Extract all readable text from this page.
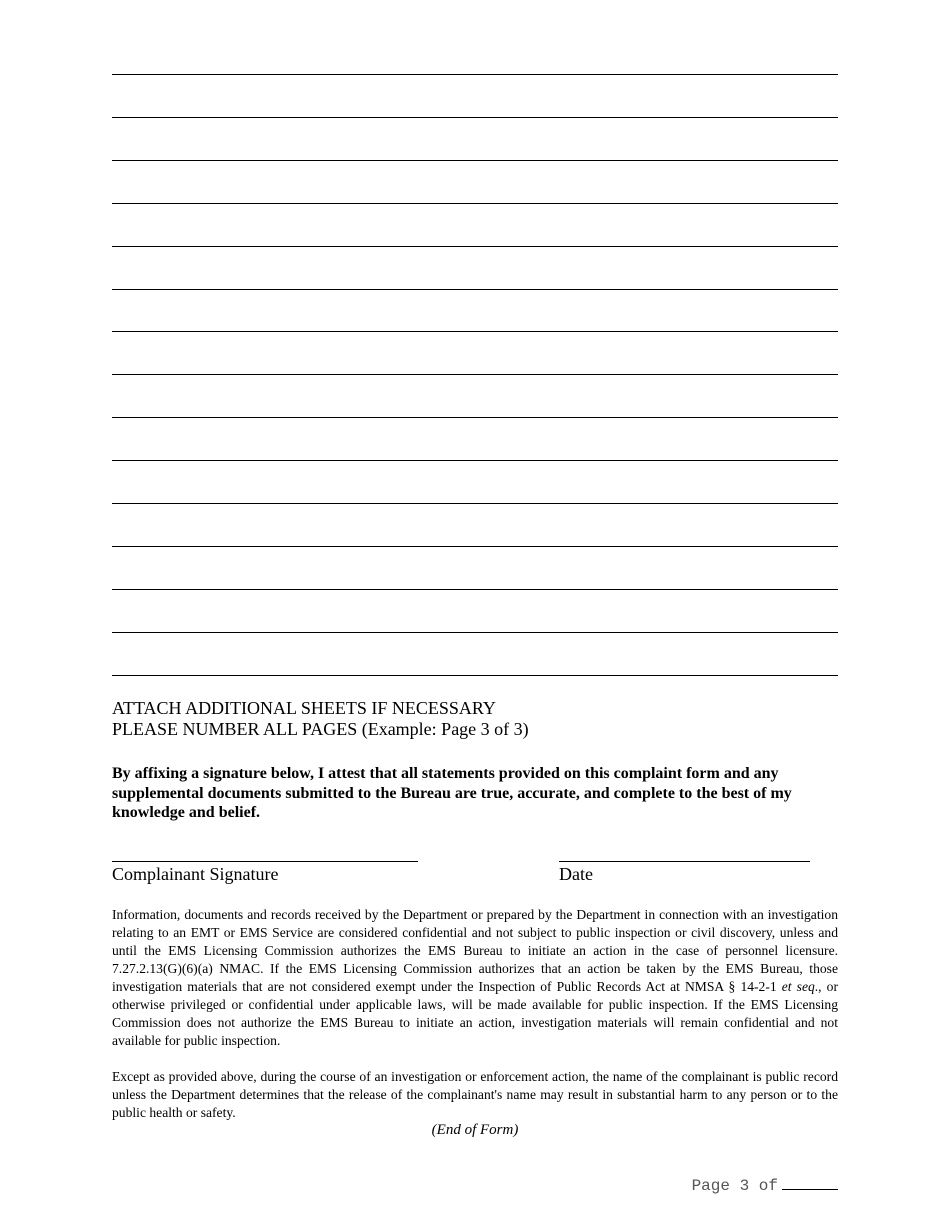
ATTACH ADDITIONAL SHEETS IF NECESSARY
PLEASE NUMBER ALL PAGES (Example: Page 3 of 3)
By affixing a signature below, I attest that all statements provided on this complaint form and any supplemental documents submitted to the Bureau are true, accurate, and complete to the best of my knowledge and belief.
Complainant Signature	Date
Information, documents and records received by the Department or prepared by the Department in connection with an investigation relating to an EMT or EMS Service are considered confidential and not subject to public inspection or civil discovery, unless and until the EMS Licensing Commission authorizes the EMS Bureau to initiate an action in the case of personnel licensure. 7.27.2.13(G)(6)(a) NMAC. If the EMS Licensing Commission authorizes that an action be taken by the EMS Bureau, those investigation materials that are not considered exempt under the Inspection of Public Records Act at NMSA § 14-2-1 et seq., or otherwise privileged or confidential under applicable laws, will be made available for public inspection. If the EMS Licensing Commission does not authorize the EMS Bureau to initiate an action, investigation materials will remain confidential and not available for public inspection.
Except as provided above, during the course of an investigation or enforcement action, the name of the complainant is public record unless the Department determines that the release of the complainant's name may result in substantial harm to any person or to the public health or safety.
(End of Form)
Page 3 of
